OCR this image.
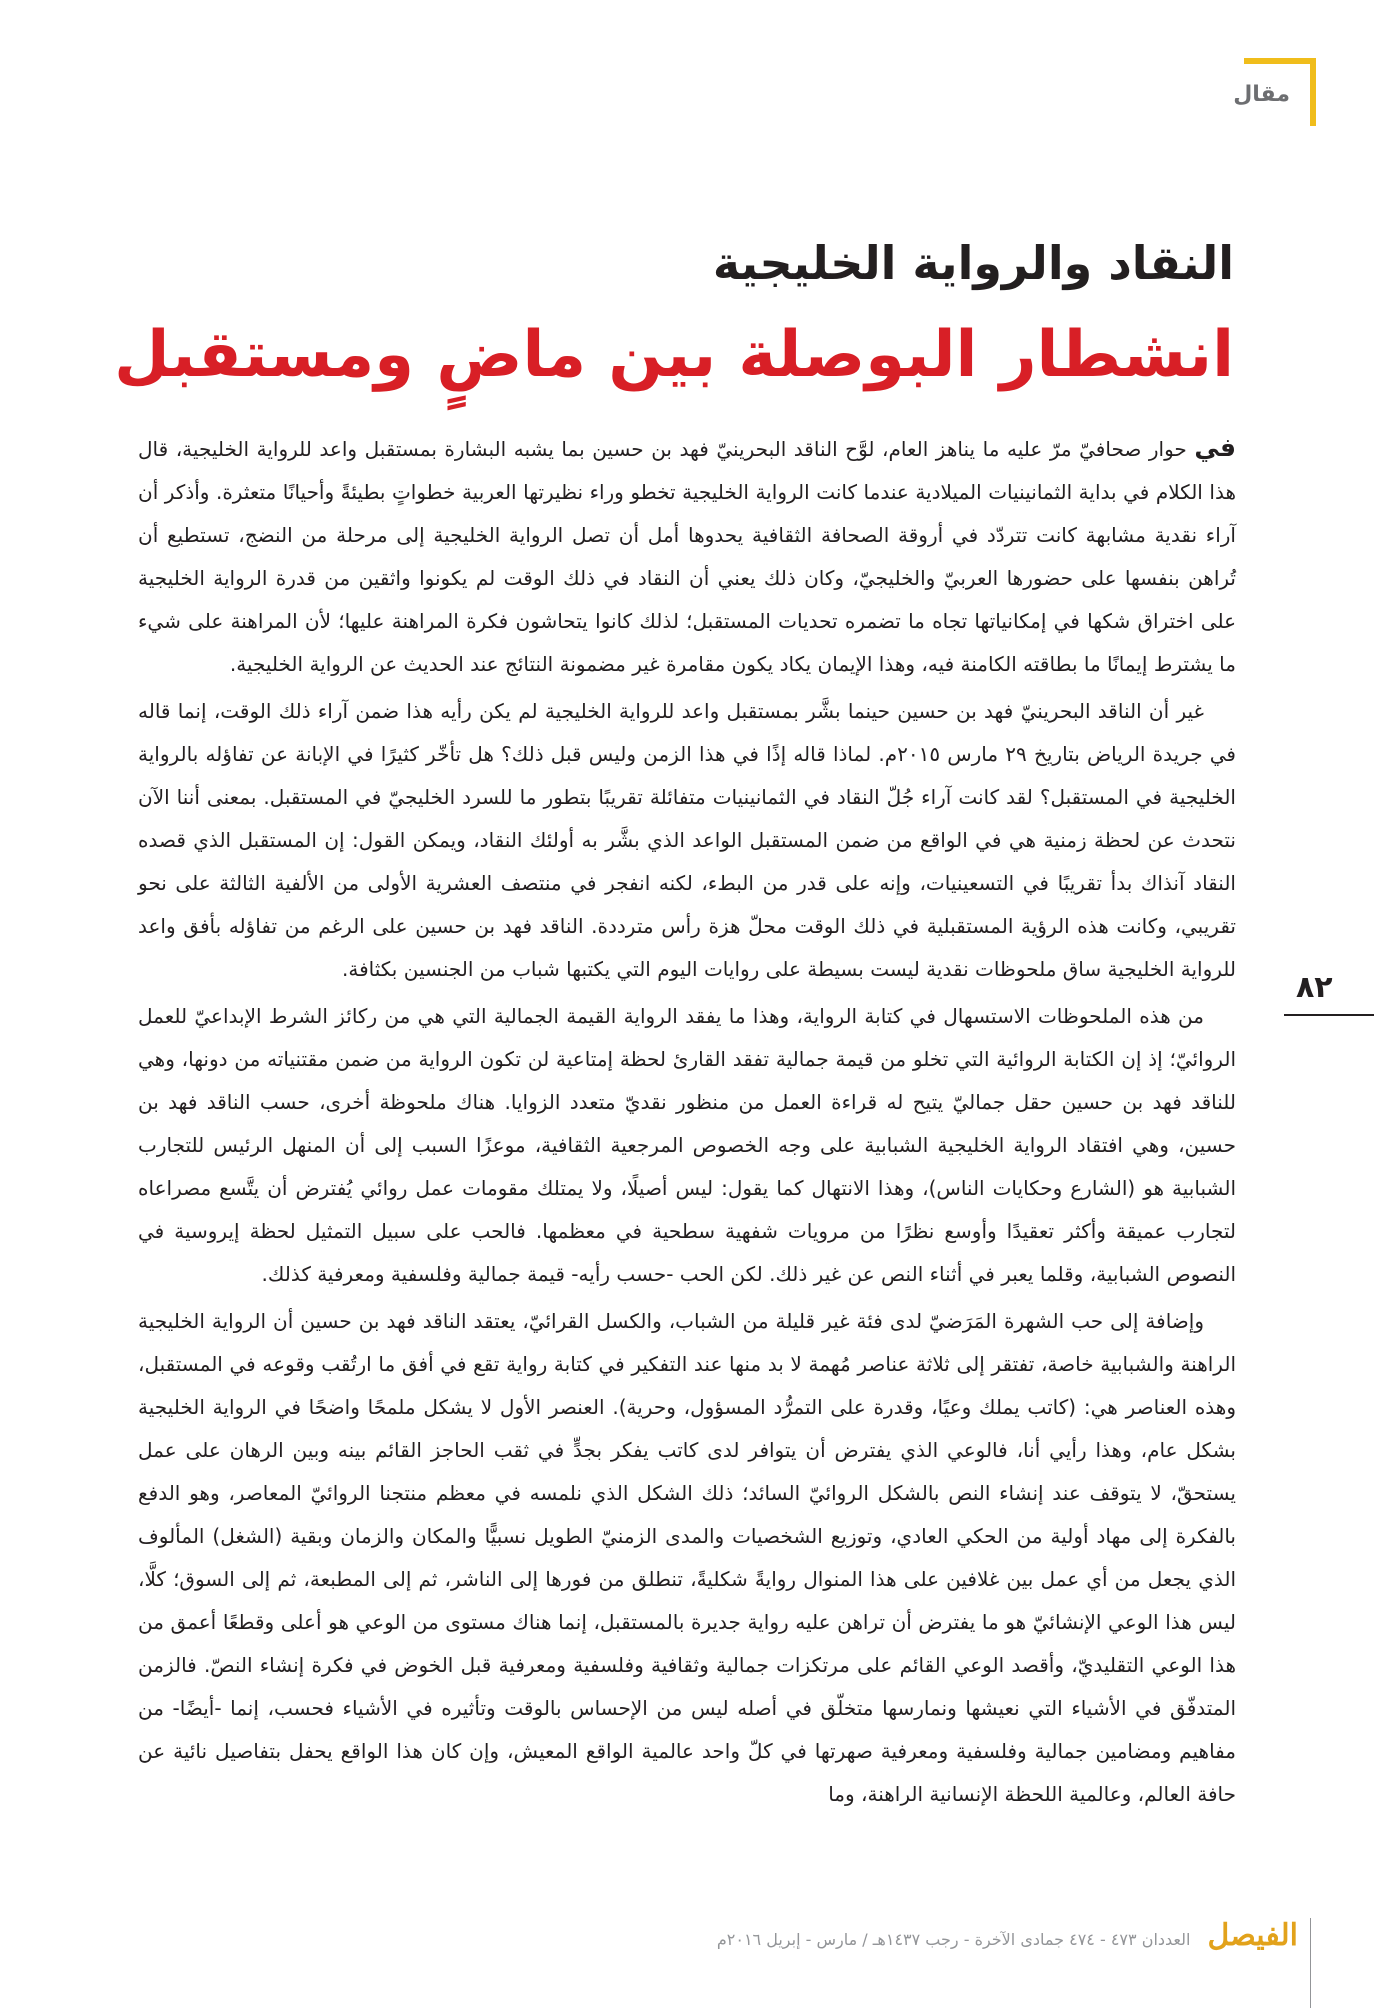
مقال
النقاد والرواية الخليجية
انشطار البوصلة بين ماضٍ ومستقبل

في حوار صحافيّ مرّ عليه ما يناهز العام، لوَّح الناقد البحرينيّ فهد بن حسين بما يشبه البشارة بمستقبل واعد للرواية الخليجية، قال هذا الكلام في بداية الثمانينيات الميلادية عندما كانت الرواية الخليجية تخطو وراء نظيرتها العربية خطواتٍ بطيئةً وأحيانًا متعثرة. وأذكر أن آراء نقدية مشابهة كانت تتردّد في أروقة الصحافة الثقافية يحدوها أمل أن تصل الرواية الخليجية إلى مرحلة من النضج، تستطيع أن تُراهن بنفسها على حضورها العربيّ والخليجيّ، وكان ذلك يعني أن النقاد في ذلك الوقت لم يكونوا واثقين من قدرة الرواية الخليجية على اختراق شكها في إمكانياتها تجاه ما تضمره تحديات المستقبل؛ لذلك كانوا يتحاشون فكرة المراهنة عليها؛ لأن المراهنة على شيء ما يشترط إيمانًا ما بطاقته الكامنة فيه، وهذا الإيمان يكاد يكون مقامرة غير مضمونة النتائج عند الحديث عن الرواية الخليجية.

غير أن الناقد البحرينيّ فهد بن حسين حينما بشَّر بمستقبل واعد للرواية الخليجية لم يكن رأيه هذا ضمن آراء ذلك الوقت، إنما قاله في جريدة الرياض بتاريخ ٢٩ مارس ٢٠١٥م. لماذا قاله إذًا في هذا الزمن وليس قبل ذلك؟ هل تأخّر كثيرًا في الإبانة عن تفاؤله بالرواية الخليجية في المستقبل؟ لقد كانت آراء جُلّ النقاد في الثمانينيات متفائلة تقريبًا بتطور ما للسرد الخليجيّ في المستقبل. بمعنى أننا الآن نتحدث عن لحظة زمنية هي في الواقع من ضمن المستقبل الواعد الذي بشَّر به أولئك النقاد، ويمكن القول: إن المستقبل الذي قصده النقاد آنذاك بدأ تقريبًا في التسعينيات، وإنه على قدر من البطء، لكنه انفجر في منتصف العشرية الأولى من الألفية الثالثة على نحو تقريبي، وكانت هذه الرؤية المستقبلية في ذلك الوقت محلّ هزة رأس مترددة. الناقد فهد بن حسين على الرغم من تفاؤله بأفق واعد للرواية الخليجية ساق ملحوظات نقدية ليست بسيطة على روايات اليوم التي يكتبها شباب من الجنسين بكثافة.

من هذه الملحوظات الاستسهال في كتابة الرواية، وهذا ما يفقد الرواية القيمة الجمالية التي هي من ركائز الشرط الإبداعيّ للعمل الروائيّ؛ إذ إن الكتابة الروائية التي تخلو من قيمة جمالية تفقد القارئ لحظة إمتاعية لن تكون الرواية من ضمن مقتنياته من دونها، وهي للناقد فهد بن حسين حقل جماليّ يتيح له قراءة العمل من منظور نقديّ متعدد الزوايا. هناك ملحوظة أخرى، حسب الناقد فهد بن حسين، وهي افتقاد الرواية الخليجية الشبابية على وجه الخصوص المرجعية الثقافية، موعزًا السبب إلى أن المنهل الرئيس للتجارب الشبابية هو (الشارع وحكايات الناس)، وهذا الانتهال كما يقول: ليس أصيلًا، ولا يمتلك مقومات عمل روائي يُفترض أن يتَّسع مصراعاه لتجارب عميقة وأكثر تعقيدًا وأوسع نظرًا من مرويات شفهية سطحية في معظمها. فالحب على سبيل التمثيل لحظة إيروسية في النصوص الشبابية، وقلما يعبر في أثناء النص عن غير ذلك. لكن الحب -حسب رأيه- قيمة جمالية وفلسفية ومعرفية كذلك.

وإضافة إلى حب الشهرة المَرَضيّ لدى فئة غير قليلة من الشباب، والكسل القرائيّ، يعتقد الناقد فهد بن حسين أن الرواية الخليجية الراهنة والشبابية خاصة، تفتقر إلى ثلاثة عناصر مُهمة لا بد منها عند التفكير في كتابة رواية تقع في أفق ما ارتُقب وقوعه في المستقبل، وهذه العناصر هي: (كاتب يملك وعيًا، وقدرة على التمرُّد المسؤول، وحرية). العنصر الأول لا يشكل ملمحًا واضحًا في الرواية الخليجية بشكل عام، وهذا رأيي أنا، فالوعي الذي يفترض أن يتوافر لدى كاتب يفكر بجدٍّ في ثقب الحاجز القائم بينه وبين الرهان على عمل يستحقّ، لا يتوقف عند إنشاء النص بالشكل الروائيّ السائد؛ ذلك الشكل الذي نلمسه في معظم منتجنا الروائيّ المعاصر، وهو الدفع بالفكرة إلى مهاد أولية من الحكي العادي، وتوزيع الشخصيات والمدى الزمنيّ الطويل نسبيًّا والمكان والزمان وبقية (الشغل) المألوف الذي يجعل من أي عمل بين غلافين على هذا المنوال روايةً شكليةً، تنطلق من فورها إلى الناشر، ثم إلى المطبعة، ثم إلى السوق؛ كلَّا، ليس هذا الوعي الإنشائيّ هو ما يفترض أن تراهن عليه رواية جديرة بالمستقبل، إنما هناك مستوى من الوعي هو أعلى وقطعًا أعمق من هذا الوعي التقليديّ، وأقصد الوعي القائم على مرتكزات جمالية وثقافية وفلسفية ومعرفية قبل الخوض في فكرة إنشاء النصّ. فالزمن المتدفّق في الأشياء التي نعيشها ونمارسها متخلّق في أصله ليس من الإحساس بالوقت وتأثيره في الأشياء فحسب، إنما -أيضًا- من مفاهيم ومضامين جمالية وفلسفية ومعرفية صهرتها في كلّ واحد عالمية الواقع المعيش، وإن كان هذا الواقع يحفل بتفاصيل نائية عن حافة العالم، وعالمية اللحظة الإنسانية الراهنة، وما

٨٢
الفيصل العددان ٤٧٣ - ٤٧٤ جمادى الآخرة - رجب ١٤٣٧هـ / مارس - إبريل ٢٠١٦م
